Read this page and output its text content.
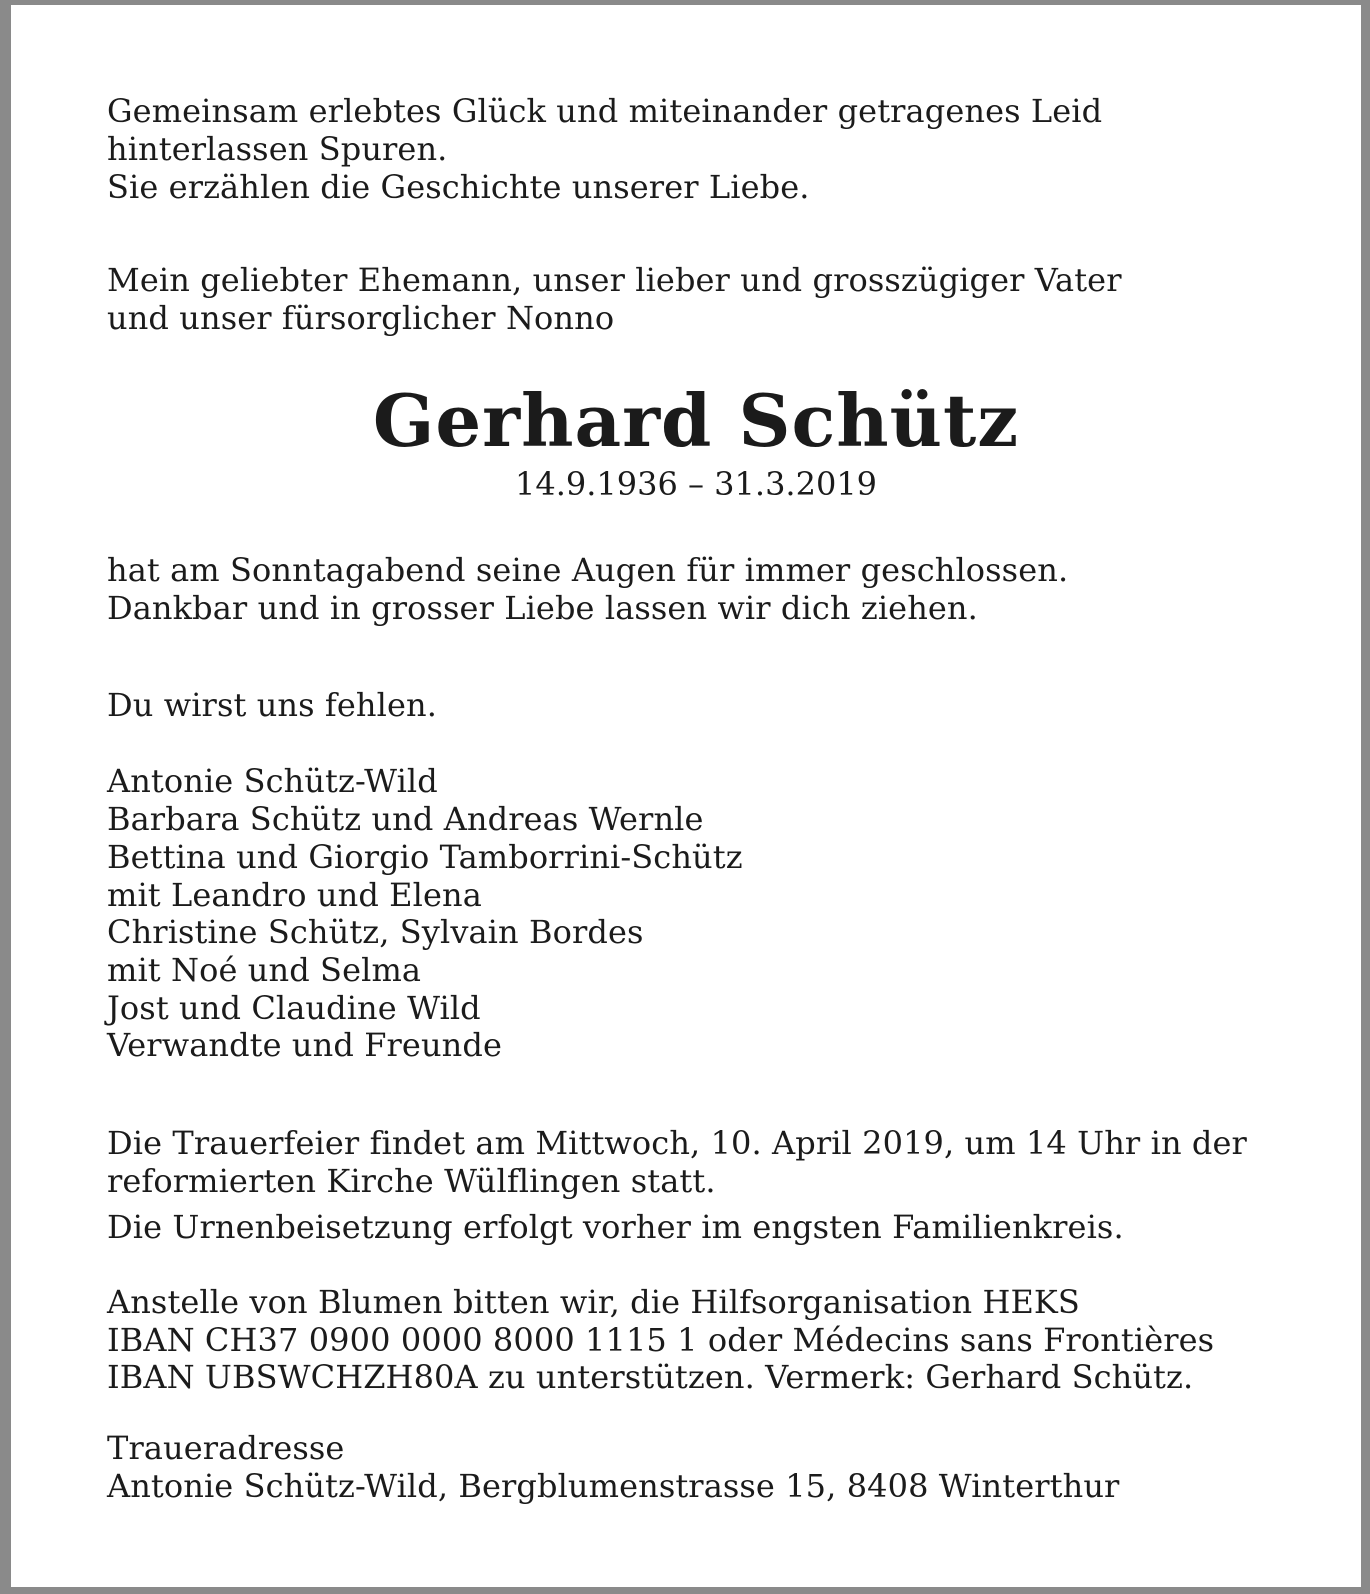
Gemeinsam erlebtes Glück und miteinander getragenes Leid
hinterlassen Spuren.
Sie erzählen die Geschichte unserer Liebe.
Mein geliebter Ehemann, unser lieber und grosszügiger Vater
und unser fürsorglicher Nonno
Gerhard Schütz
14.9.1936 – 31.3.2019
hat am Sonntagabend seine Augen für immer geschlossen.
Dankbar und in grosser Liebe lassen wir dich ziehen.
Du wirst uns fehlen.
Antonie Schütz-Wild
Barbara Schütz und Andreas Wernle
Bettina und Giorgio Tamborrini-Schütz
mit Leandro und Elena
Christine Schütz, Sylvain Bordes
mit Noé und Selma
Jost und Claudine Wild
Verwandte und Freunde
Die Trauerfeier findet am Mittwoch, 10. April 2019, um 14 Uhr in der
reformierten Kirche Wülflingen statt.
Die Urnenbeisetzung erfolgt vorher im engsten Familienkreis.
Anstelle von Blumen bitten wir, die Hilfsorganisation HEKS
IBAN CH37 0900 0000 8000 1115 1 oder Médecins sans Frontières
IBAN UBSWCHZH80A zu unterstützen. Vermerk: Gerhard Schütz.
Traueradresse
Antonie Schütz-Wild, Bergblumenstrasse 15, 8408 Winterthur
